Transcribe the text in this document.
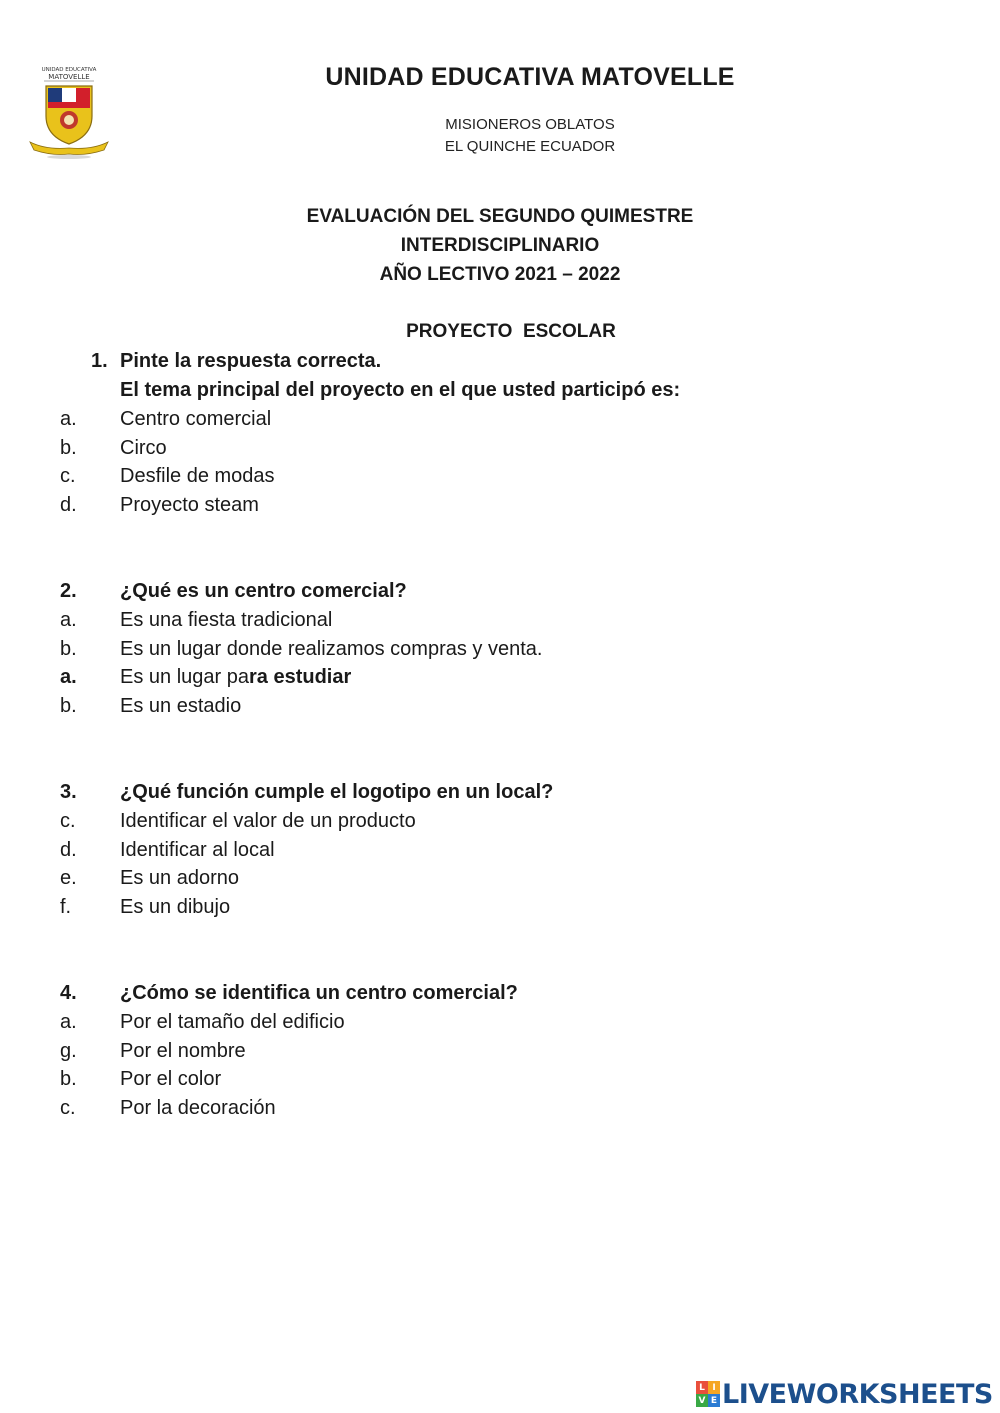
UNIDAD EDUCATIVA
MATOVELLE	UNIDAD EDUCATIVA MATOVELLE
MISIONEROS OBLATOS
EL QUINCHE ECUADOR
EVALUACIÓN DEL SEGUNDO QUIMESTRE
INTERDISCIPLINARIO
AÑO LECTIVO 2021 – 2022
PROYECTO  ESCOLAR
1. Pinte la respuesta correcta.
El tema principal del proyecto en el que usted participó es:
a. Centro comercial
b. Circo
c. Desfile de modas
d. Proyecto steam
2. ¿Qué es un centro comercial?
a. Es una fiesta tradicional
b. Es un lugar donde realizamos compras y venta.
a. Es un lugar para estudiar
b. Es un estadio
3. ¿Qué función cumple el logotipo en un local?
c. Identificar el valor de un producto
d. Identificar al local
e. Es un adorno
f. Es un dibujo
4. ¿Cómo se identifica un centro comercial?
a. Por el tamaño del edificio
g. Por el nombre
b. Por el color
c. Por la decoración
L I
V E LIVEWORKSHEETS
